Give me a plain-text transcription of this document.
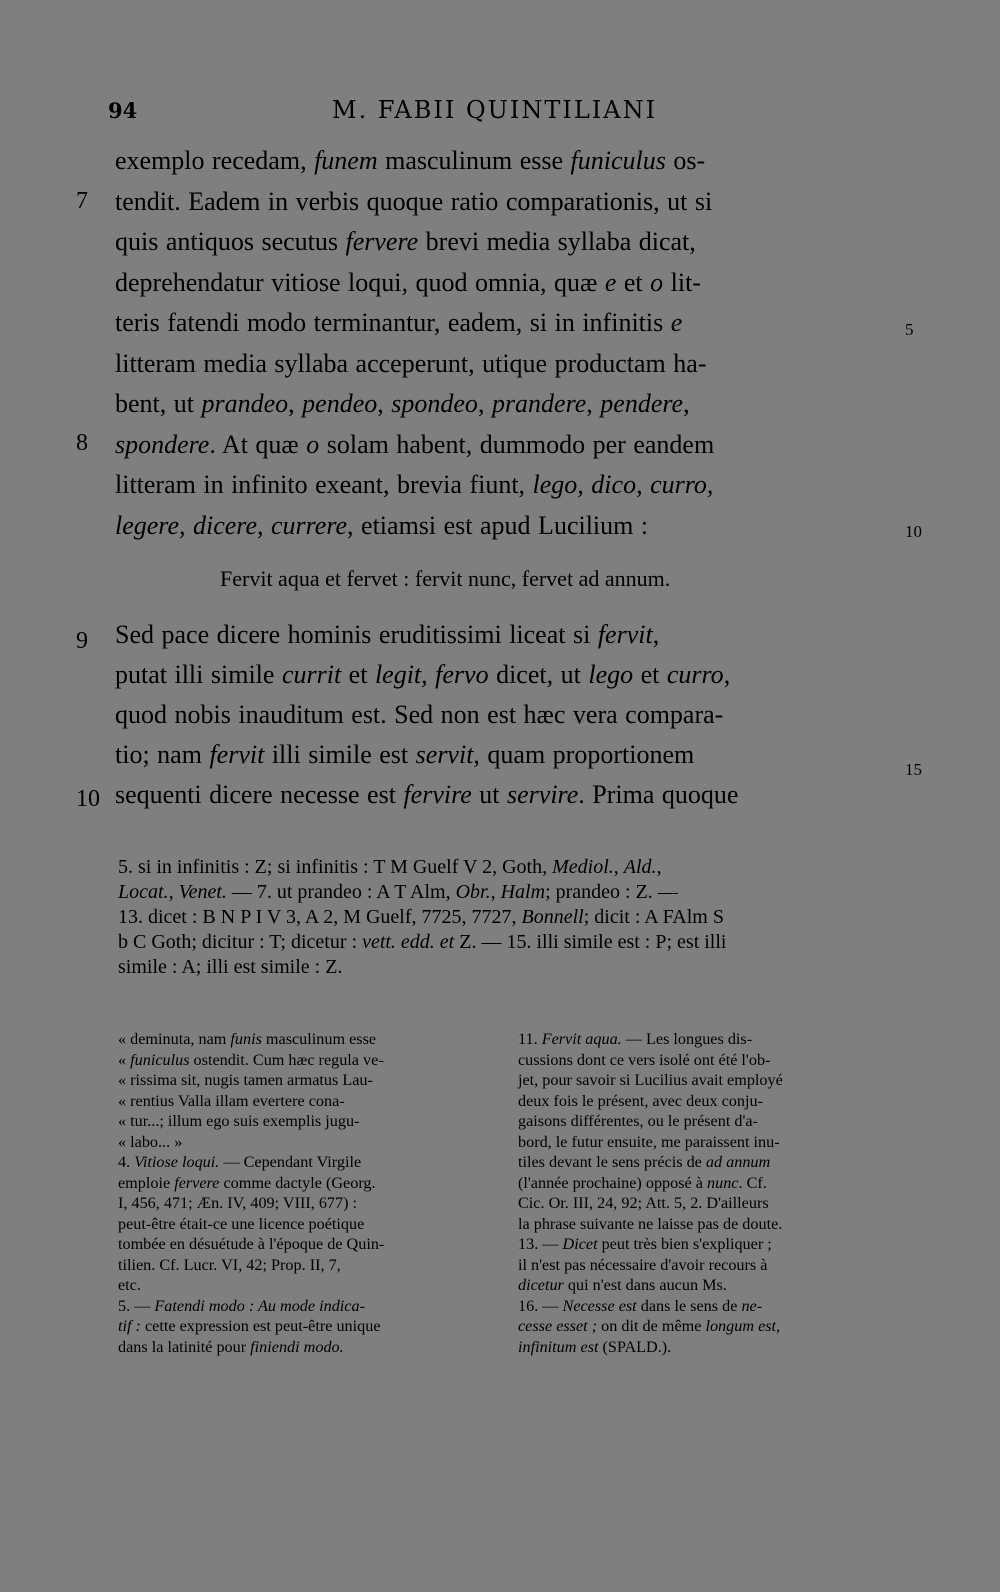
94	M. FABII QUINTILIANI
exemplo recedam, funem masculinum esse funiculus os-
tendit. Eadem in verbis quoque ratio comparationis, ut si
quis antiquos secutus fervere brevi media syllaba dicat,
deprehendatur vitiose loqui, quod omnia, quæ e et o lit-
teris fatendi modo terminantur, eadem, si in infinitis e
litteram media syllaba acceperunt, utique productam ha-
bent, ut prandeo, pendeo, spondeo, prandere, pendere,
spondere. At quæ o solam habent, dummodo per eandem
litteram in infinito exeant, brevia fiunt, lego, dico, curro,
legere, dicere, currere, etiamsi est apud Lucilium :
Sed pace dicere hominis eruditissimi liceat si fervit,
putat illi simile currit et legit, fervo dicet, ut lego et curro,
quod nobis inauditum est. Sed non est hæc vera compara-
tio; nam fervit illi simile est servit, quam proportionem
sequenti dicere necesse est fervire ut servire. Prima quoque
7
8
9
10
5
10
15
Fervit aqua et fervet : fervit nunc, fervet ad annum.
5. si in infinitis : Z; si infinitis : T M Guelf V 2, Goth, Mediol., Ald.,
Locat., Venet. — 7. ut prandeo : A T Alm, Obr., Halm; prandeo : Z. —
13. dicet : B N P I V 3, A 2, M Guelf, 7725, 7727, Bonnell; dicit : A FAlm S
b C Goth; dicitur : T; dicetur : vett. edd. et Z. — 15. illi simile est : P; est illi
simile : A; illi est simile : Z.
« deminuta, nam funis masculinum esse
« funiculus ostendit. Cum hæc regula ve-
« rissima sit, nugis tamen armatus Lau-
« rentius Valla illam evertere cona-
« tur...; illum ego suis exemplis jugu-
« labo... »
4. Vitiose loqui. — Cependant Virgile
emploie fervere comme dactyle (Georg.
I, 456, 471; Æn. IV, 409; VIII, 677) :
peut-être était-ce une licence poétique
tombée en désuétude à l'époque de Quin-
tilien. Cf. Lucr. VI, 42; Prop. II, 7,
etc.
5. — Fatendi modo : Au mode indica-
tif : cette expression est peut-être unique
dans la latinité pour finiendi modo.
11. Fervit aqua. — Les longues dis-
cussions dont ce vers isolé ont été l'ob-
jet, pour savoir si Lucilius avait employé
deux fois le présent, avec deux conju-
gaisons différentes, ou le présent d'a-
bord, le futur ensuite, me paraissent inu-
tiles devant le sens précis de ad annum
(l'année prochaine) opposé à nunc. Cf.
Cic. Or. III, 24, 92; Att. 5, 2. D'ailleurs
la phrase suivante ne laisse pas de doute.
13. — Dicet peut très bien s'expliquer ;
il n'est pas nécessaire d'avoir recours à
dicetur qui n'est dans aucun Ms.
16. — Necesse est dans le sens de ne-
cesse esset ; on dit de même longum est,
infinitum est (SPALD.).
